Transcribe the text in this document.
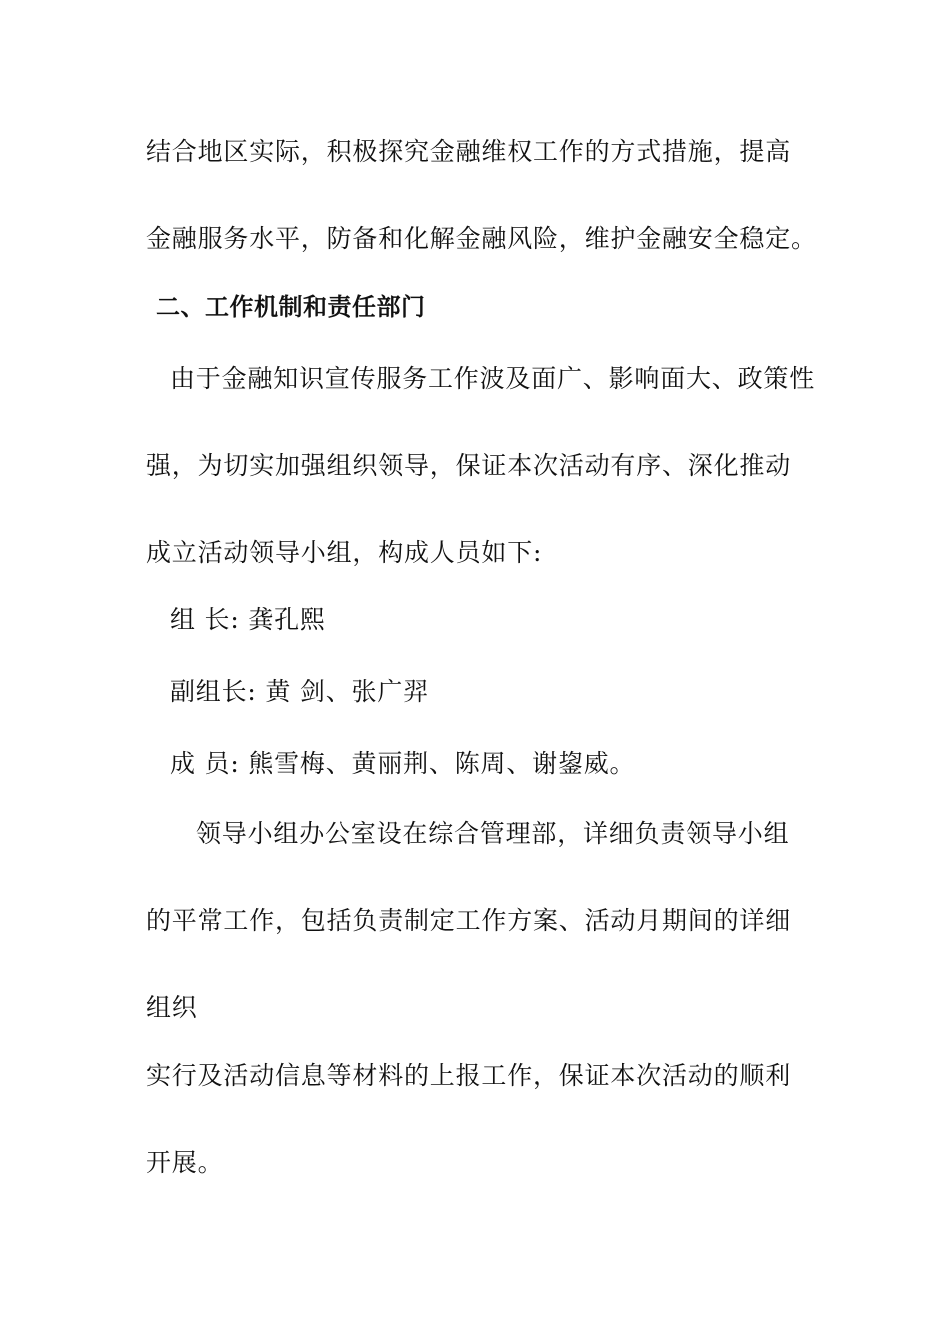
结合地区实际，积极探究金融维权工作的方式措施，提高
金融服务水平，防备和化解金融风险，维护金融安全稳定。
二、工作机制和责任部门
由于金融知识宣传服务工作波及面广、影响面大、政策性
强，为切实加强组织领导，保证本次活动有序、深化推动
成立活动领导小组，构成人员如下:
组 长: 龚孔熙
副组长: 黄 剑、张广羿
成 员: 熊雪梅、黄丽荆、陈周、谢鋆威。
领导小组办公室设在综合管理部，详细负责领导小组
的平常工作，包括负责制定工作方案、活动月期间的详细
组织
实行及活动信息等材料的上报工作，保证本次活动的顺利
开展。
